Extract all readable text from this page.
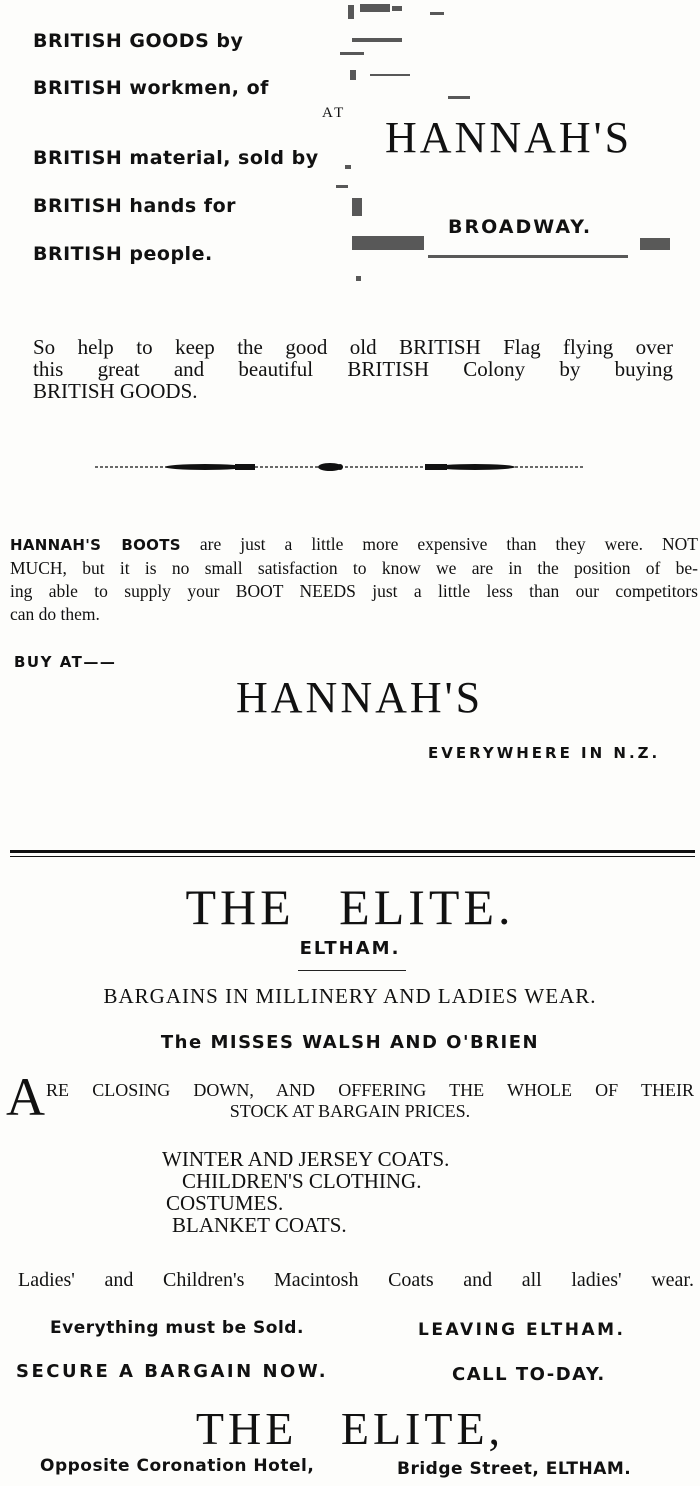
BRITISH GOODS by
BRITISH workmen, of
BRITISH material, sold by
BRITISH hands for
BRITISH people.
AT HANNAH'S
BROADWAY.
So help to keep the good old BRITISH Flag flying over
this great and beautiful BRITISH Colony by buying
BRITISH GOODS.
HANNAH'S BOOTS are just a little more expensive than they were. NOT
MUCH, but it is no small satisfaction to know we are in the position of be-
ing able to supply your BOOT NEEDS just a little less than our competitors
can do them.
BUY AT——
HANNAH'S
EVERYWHERE IN N.Z.
THE ELITE.
ELTHAM.
BARGAINS IN MILLINERY AND LADIES WEAR.
The MISSES WALSH AND O'BRIEN
A RE CLOSING DOWN, AND OFFERING THE WHOLE OF THEIR
STOCK AT BARGAIN PRICES.
WINTER AND JERSEY COATS.
CHILDREN'S CLOTHING.
COSTUMES.
BLANKET COATS.
Ladies' and Children's Macintosh Coats and all ladies' wear.
Everything must be Sold.	LEAVING ELTHAM.
SECURE A BARGAIN NOW.	CALL TO-DAY.
THE ELITE,
Opposite Coronation Hotel,	Bridge Street, ELTHAM.
